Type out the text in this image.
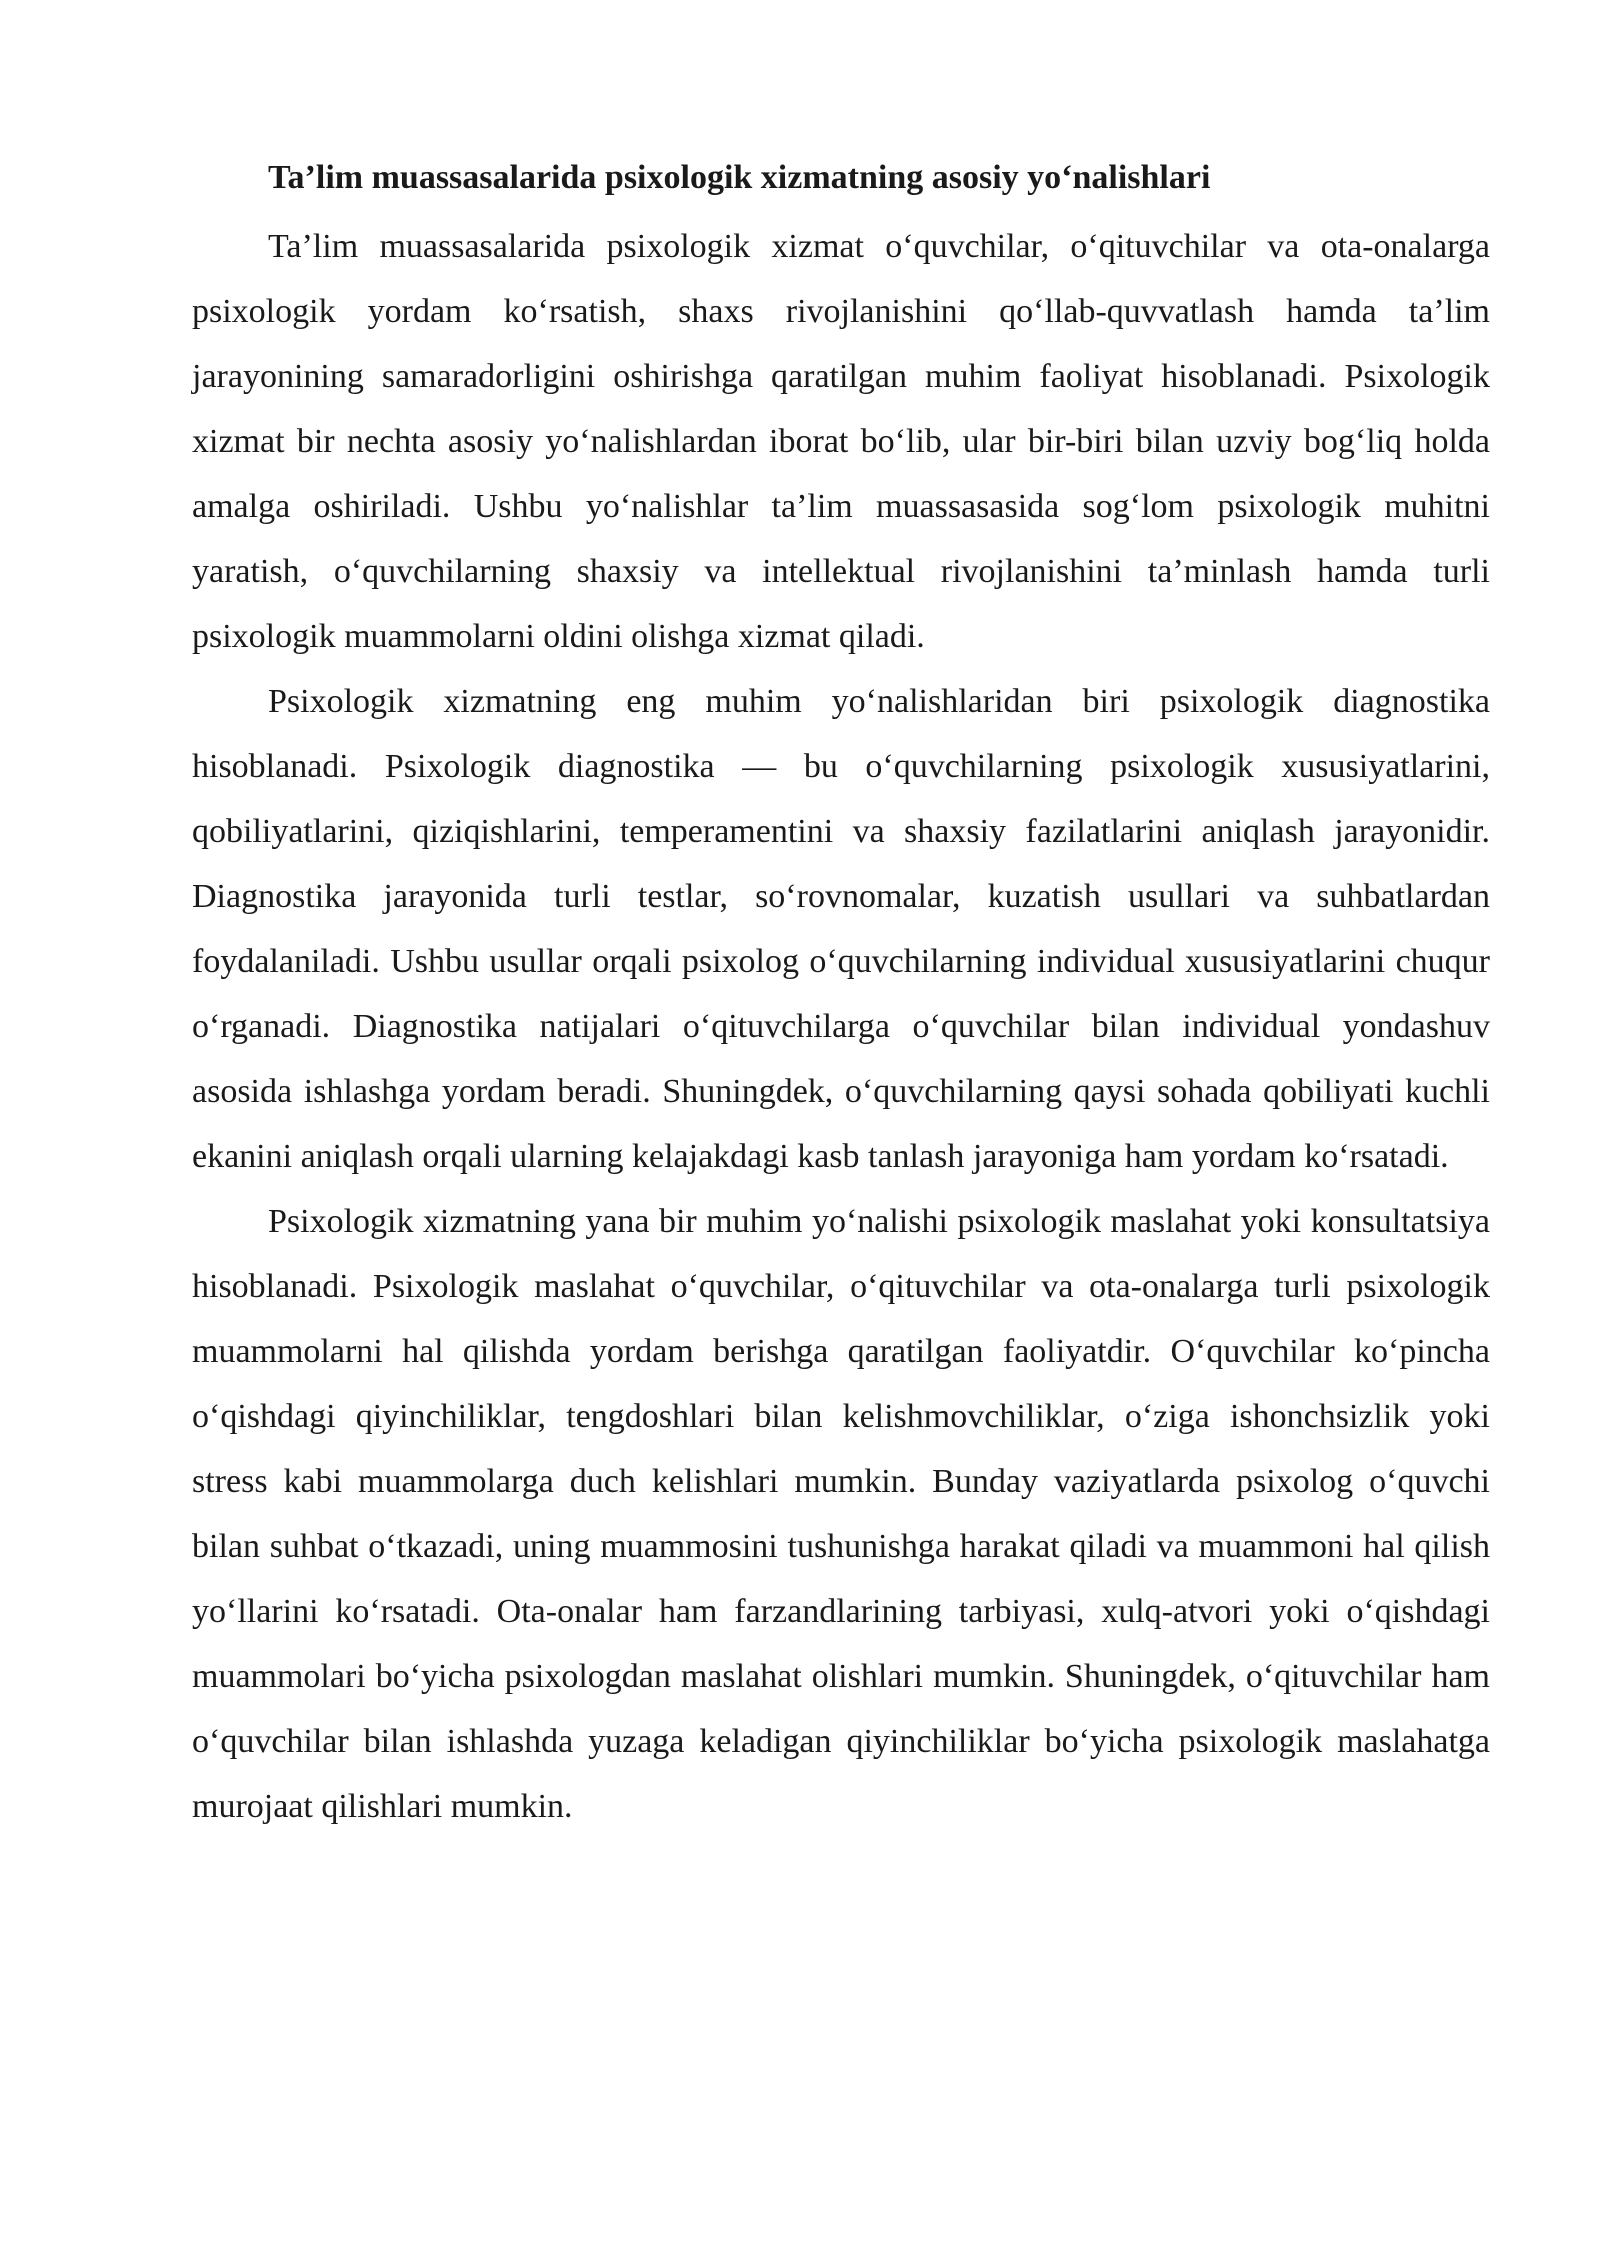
Ta’lim muassasalarida psixologik xizmatning asosiy yo‘nalishlari

Ta’lim muassasalarida psixologik xizmat o‘quvchilar, o‘qituvchilar va ota-onalarga psixologik yordam ko‘rsatish, shaxs rivojlanishini qo‘llab-quvvatlash hamda ta’lim jarayonining samaradorligini oshirishga qaratilgan muhim faoliyat hisoblanadi. Psixologik xizmat bir nechta asosiy yo‘nalishlardan iborat bo‘lib, ular bir-biri bilan uzviy bog‘liq holda amalga oshiriladi. Ushbu yo‘nalishlar ta’lim muassasasida sog‘lom psixologik muhitni yaratish, o‘quvchilarning shaxsiy va intellektual rivojlanishini ta’minlash hamda turli psixologik muammolarni oldini olishga xizmat qiladi.

Psixologik xizmatning eng muhim yo‘nalishlaridan biri psixologik diagnostika hisoblanadi. Psixologik diagnostika — bu o‘quvchilarning psixologik xususiyatlarini, qobiliyatlarini, qiziqishlarini, temperamentini va shaxsiy fazilatlarini aniqlash jarayonidir. Diagnostika jarayonida turli testlar, so‘rovnomalar, kuzatish usullari va suhbatlardan foydalaniladi. Ushbu usullar orqali psixolog o‘quvchilarning individual xususiyatlarini chuqur o‘rganadi. Diagnostika natijalari o‘qituvchilarga o‘quvchilar bilan individual yondashuv asosida ishlashga yordam beradi. Shuningdek, o‘quvchilarning qaysi sohada qobiliyati kuchli ekanini aniqlash orqali ularning kelajakdagi kasb tanlash jarayoniga ham yordam ko‘rsatadi.

Psixologik xizmatning yana bir muhim yo‘nalishi psixologik maslahat yoki konsultatsiya hisoblanadi. Psixologik maslahat o‘quvchilar, o‘qituvchilar va ota-onalarga turli psixologik muammolarni hal qilishda yordam berishga qaratilgan faoliyatdir. O‘quvchilar ko‘pincha o‘qishdagi qiyinchiliklar, tengdoshlari bilan kelishmovchiliklar, o‘ziga ishonchsizlik yoki stress kabi muammolarga duch kelishlari mumkin. Bunday vaziyatlarda psixolog o‘quvchi bilan suhbat o‘tkazadi, uning muammosini tushunishga harakat qiladi va muammoni hal qilish yo‘llarini ko‘rsatadi. Ota-onalar ham farzandlarining tarbiyasi, xulq-atvori yoki o‘qishdagi muammolari bo‘yicha psixologdan maslahat olishlari mumkin. Shuningdek, o‘qituvchilar ham o‘quvchilar bilan ishlashda yuzaga keladigan qiyinchiliklar bo‘yicha psixologik maslahatga murojaat qilishlari mumkin.
